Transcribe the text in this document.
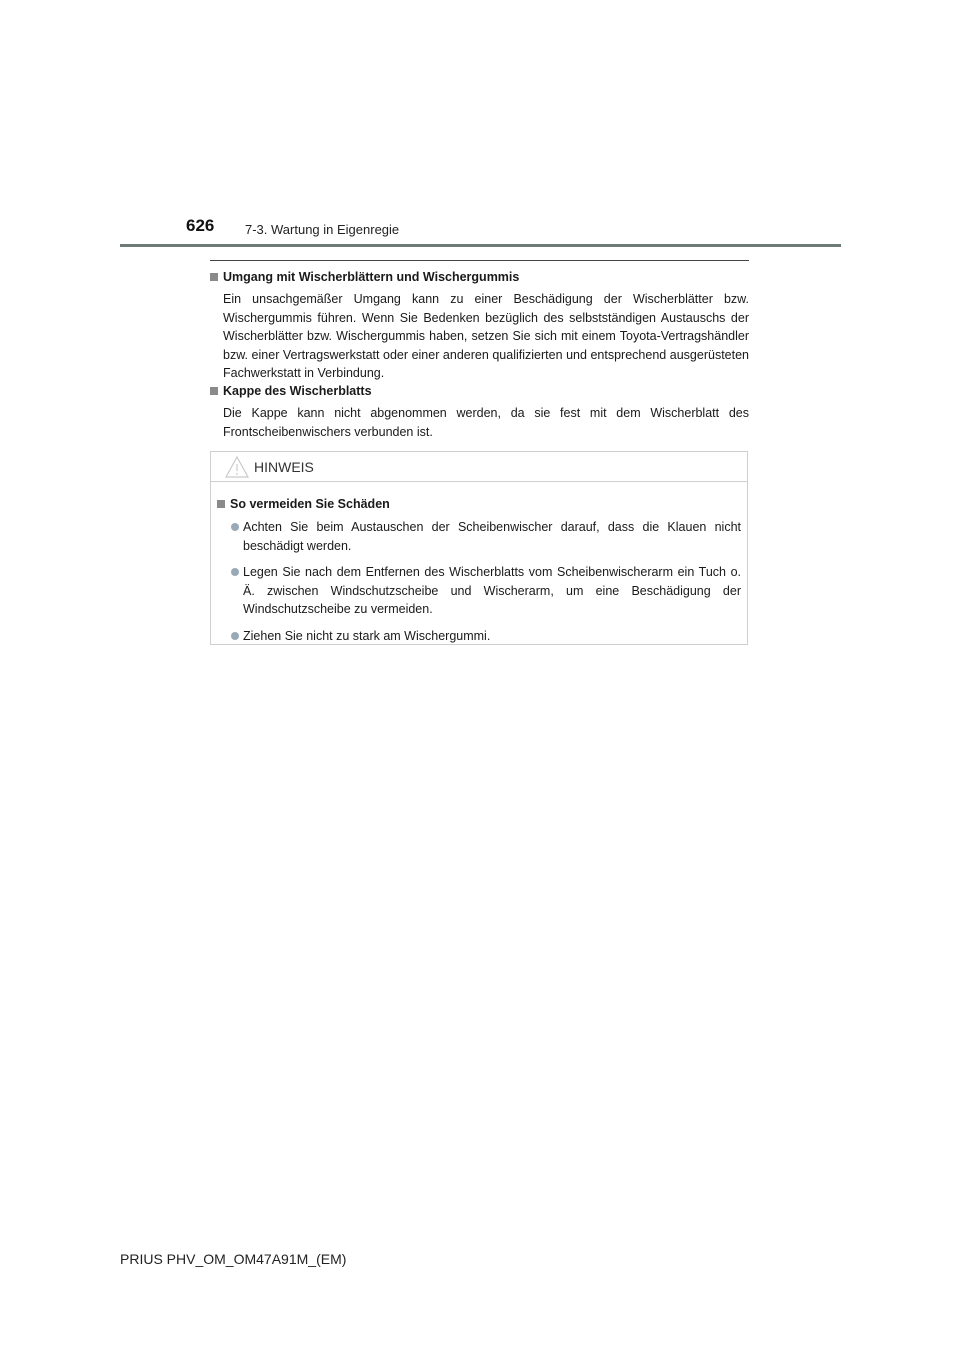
626 7-3. Wartung in Eigenregie
Umgang mit Wischerblättern und Wischergummis
Ein unsachgemäßer Umgang kann zu einer Beschädigung der Wischerblätter bzw. Wischergummis führen. Wenn Sie Bedenken bezüglich des selbstständigen Austauschs der Wischerblätter bzw. Wischergummis haben, setzen Sie sich mit einem Toyota-Vertragshändler bzw. einer Vertragswerkstatt oder einer anderen qualifizierten und entsprechend ausgerüsteten Fachwerkstatt in Verbindung.
Kappe des Wischerblatts
Die Kappe kann nicht abgenommen werden, da sie fest mit dem Wischerblatt des Frontscheibenwischers verbunden ist.
HINWEIS
So vermeiden Sie Schäden
Achten Sie beim Austauschen der Scheibenwischer darauf, dass die Klauen nicht beschädigt werden.
Legen Sie nach dem Entfernen des Wischerblatts vom Scheibenwischerarm ein Tuch o. Ä. zwischen Windschutzscheibe und Wischerarm, um eine Beschädigung der Windschutzscheibe zu vermeiden.
Ziehen Sie nicht zu stark am Wischergummi.
PRIUS PHV_OM_OM47A91M_(EM)
